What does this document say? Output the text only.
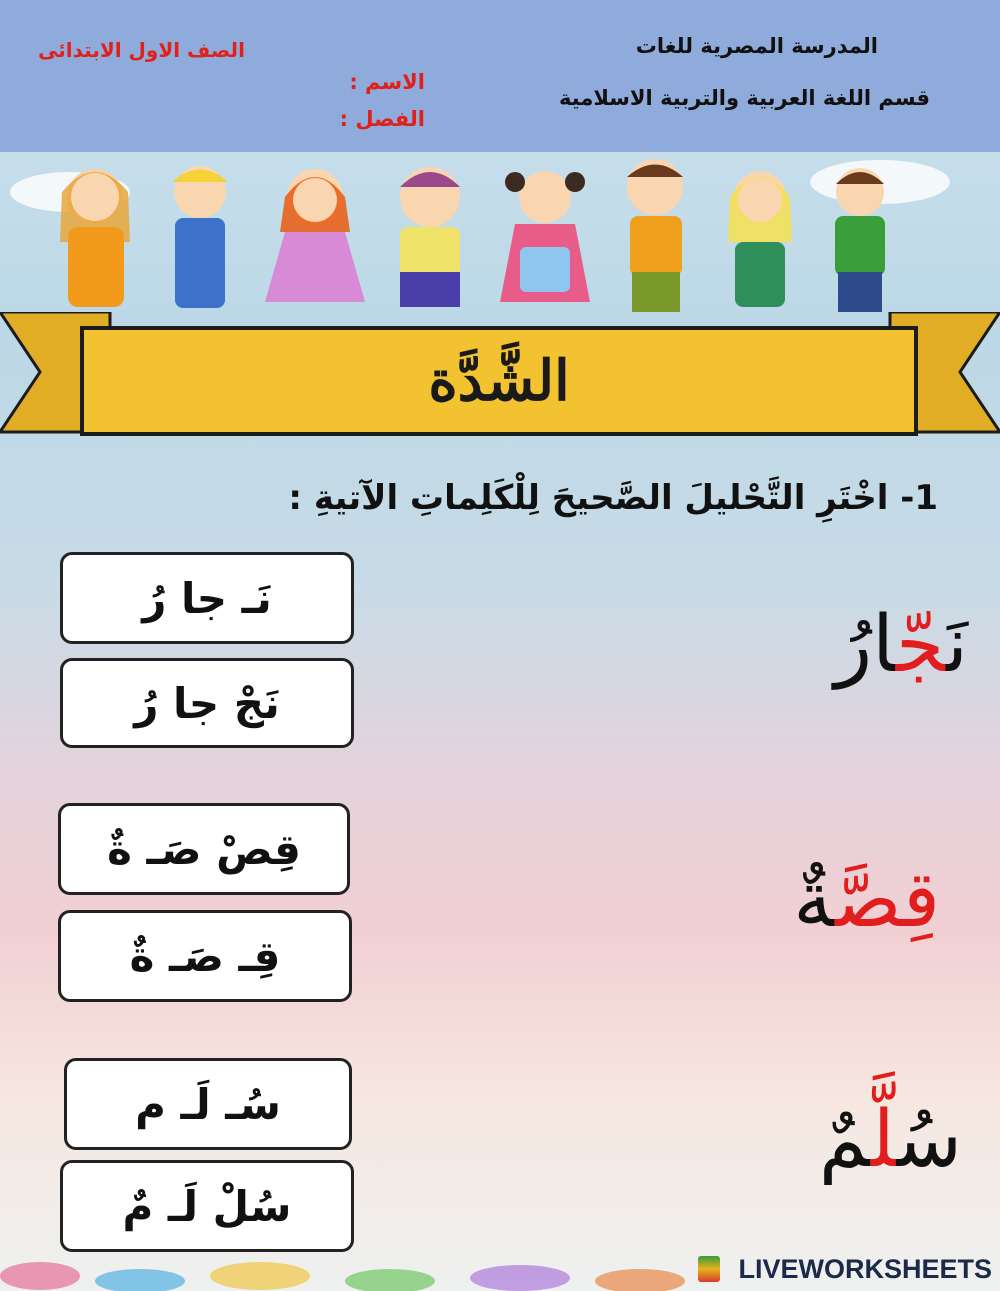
المدرسة المصرية للغات
قسم اللغة العربية والتربية الاسلامية
الصف الاول الابتدائى
الاسم :
الفصل :
الشَّدَّة
1- اخْتَرِ التَّحْليلَ الصَّحيحَ لِلْكَلِماتِ الآتيةِ :
نَجّارُ
قِصَّةٌ
سُلَّمٌ
نَـ جا رُ
نَجْ جا رُ
قِصْ صَـ ةٌ
قِـ صَـ ةٌ
سُـ لَـ م
سُلْ لَـ مٌ
LIVEWORKSHEETS
